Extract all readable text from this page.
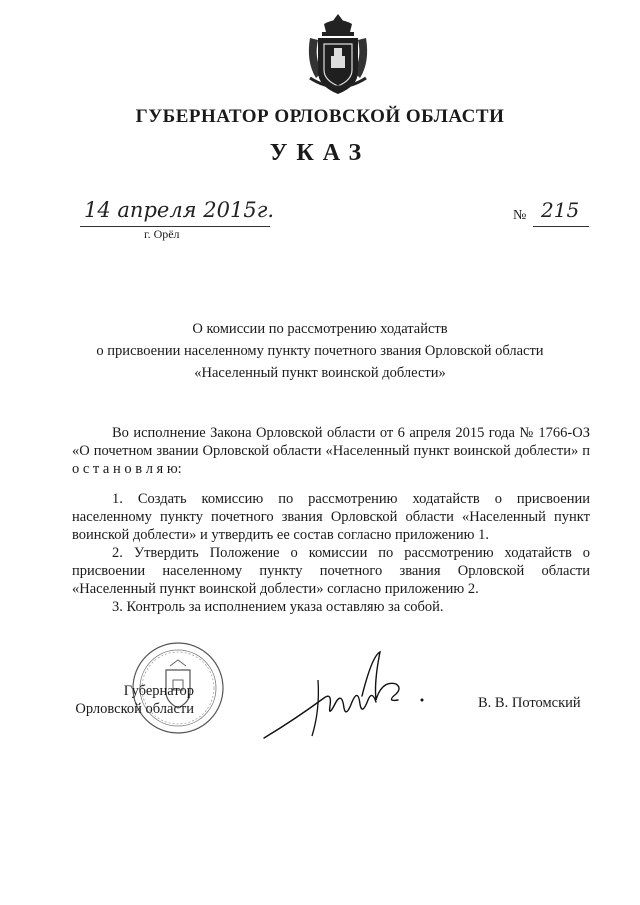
ГУБЕРНАТОР ОРЛОВСКОЙ ОБЛАСТИ
УКАЗ
14 апреля 2015г.
г. Орёл
№ 215
О комиссии по рассмотрению ходатайств
о присвоении населенному пункту почетного звания Орловской области
«Населенный пункт воинской доблести»

Во исполнение Закона Орловской области от 6 апреля 2015 года № 1766-ОЗ «О почетном звании Орловской области «Населенный пункт воинской доблести» п о с т а н о в л я ю:

1. Создать комиссию по рассмотрению ходатайств о присвоении населенному пункту почетного звания Орловской области «Населенный пункт воинской доблести» и утвердить ее состав согласно приложению 1.

2. Утвердить Положение о комиссии по рассмотрению ходатайств о присвоении населенному пункту почетного звания Орловской области «Населенный пункт воинской доблести» согласно приложению 2.

3. Контроль за исполнением указа оставляю за собой.

Губернатор
Орловской области	В. В. Потомский
